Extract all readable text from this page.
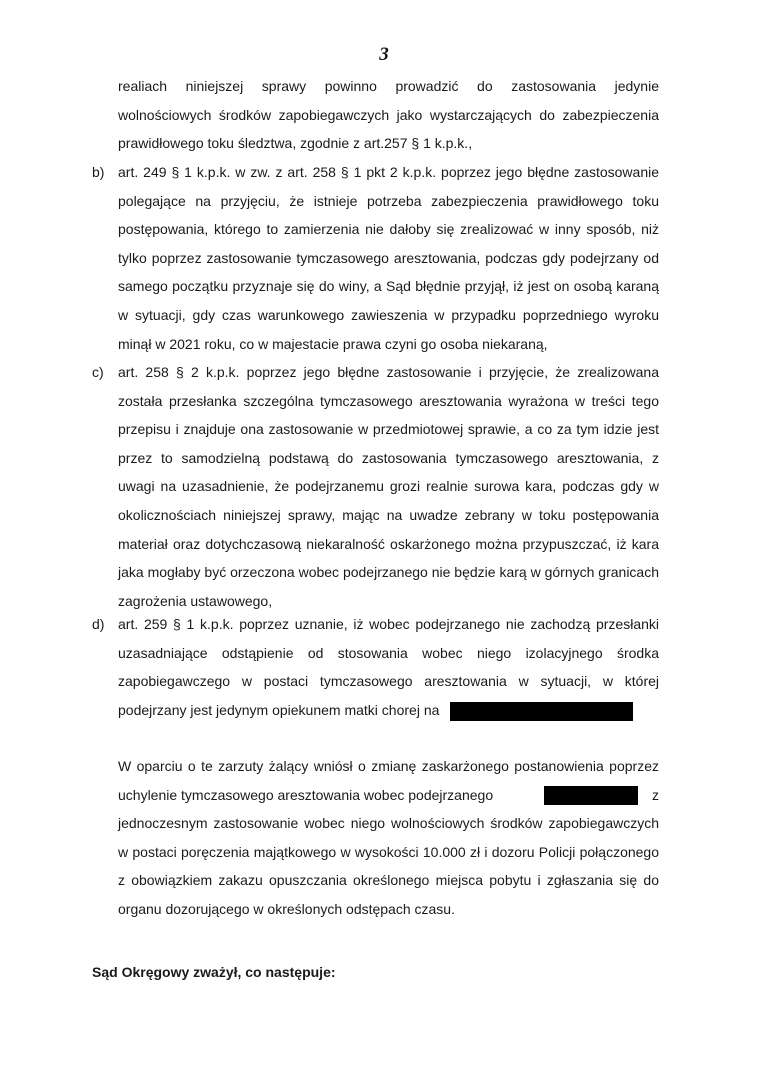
3
realiach niniejszej sprawy powinno prowadzić do zastosowania jedynie
wolnościowych środków zapobiegawczych jako wystarczających do zabezpieczenia
prawidłowego toku śledztwa, zgodnie z art.257 § 1 k.p.k.,
b) art. 249 § 1 k.p.k. w zw. z art. 258 § 1 pkt 2 k.p.k. poprzez jego błędne zastosowanie
polegające na przyjęciu, że istnieje potrzeba zabezpieczenia prawidłowego toku
postępowania, którego to zamierzenia nie dałoby się zrealizować w inny sposób, niż
tylko poprzez zastosowanie tymczasowego aresztowania, podczas gdy podejrzany od
samego początku przyznaje się do winy, a Sąd błędnie przyjął, iż jest on osobą karaną
w sytuacji, gdy czas warunkowego zawieszenia w przypadku poprzedniego wyroku
minął w 2021 roku, co w majestacie prawa czyni go osoba niekaraną,
c) art. 258 § 2 k.p.k. poprzez jego błędne zastosowanie i przyjęcie, że zrealizowana
została przesłanka szczególna tymczasowego aresztowania wyrażona w treści tego
przepisu i znajduje ona zastosowanie w przedmiotowej sprawie, a co za tym idzie jest
przez to samodzielną podstawą do zastosowania tymczasowego aresztowania, z
uwagi na uzasadnienie, że podejrzanemu grozi realnie surowa kara, podczas gdy w
okolicznościach niniejszej sprawy, mając na uwadze zebrany w toku postępowania
materiał oraz dotychczasową niekaralność oskarżonego można przypuszczać, iż kara
jaka mogłaby być orzeczona wobec podejrzanego nie będzie karą w górnych granicach
zagrożenia ustawowego,
d) art. 259 § 1 k.p.k. poprzez uznanie, iż wobec podejrzanego nie zachodzą przesłanki
uzasadniające odstąpienie od stosowania wobec niego izolacyjnego środka
zapobiegawczego w postaci tymczasowego aresztowania w sytuacji, w której
podejrzany jest jedynym opiekunem matki chorej na
W oparciu o te zarzuty żalący wniósł o zmianę zaskarżonego postanowienia poprzez
uchylenie tymczasowego aresztowania wobec podejrzanego	z
jednoczesnym zastosowanie wobec niego wolnościowych środków zapobiegawczych
w postaci poręczenia majątkowego w wysokości 10.000 zł i dozoru Policji połączonego
z obowiązkiem zakazu opuszczania określonego miejsca pobytu i zgłaszania się do
organu dozorującego w określonych odstępach czasu.
Sąd Okręgowy zważył, co następuje:
